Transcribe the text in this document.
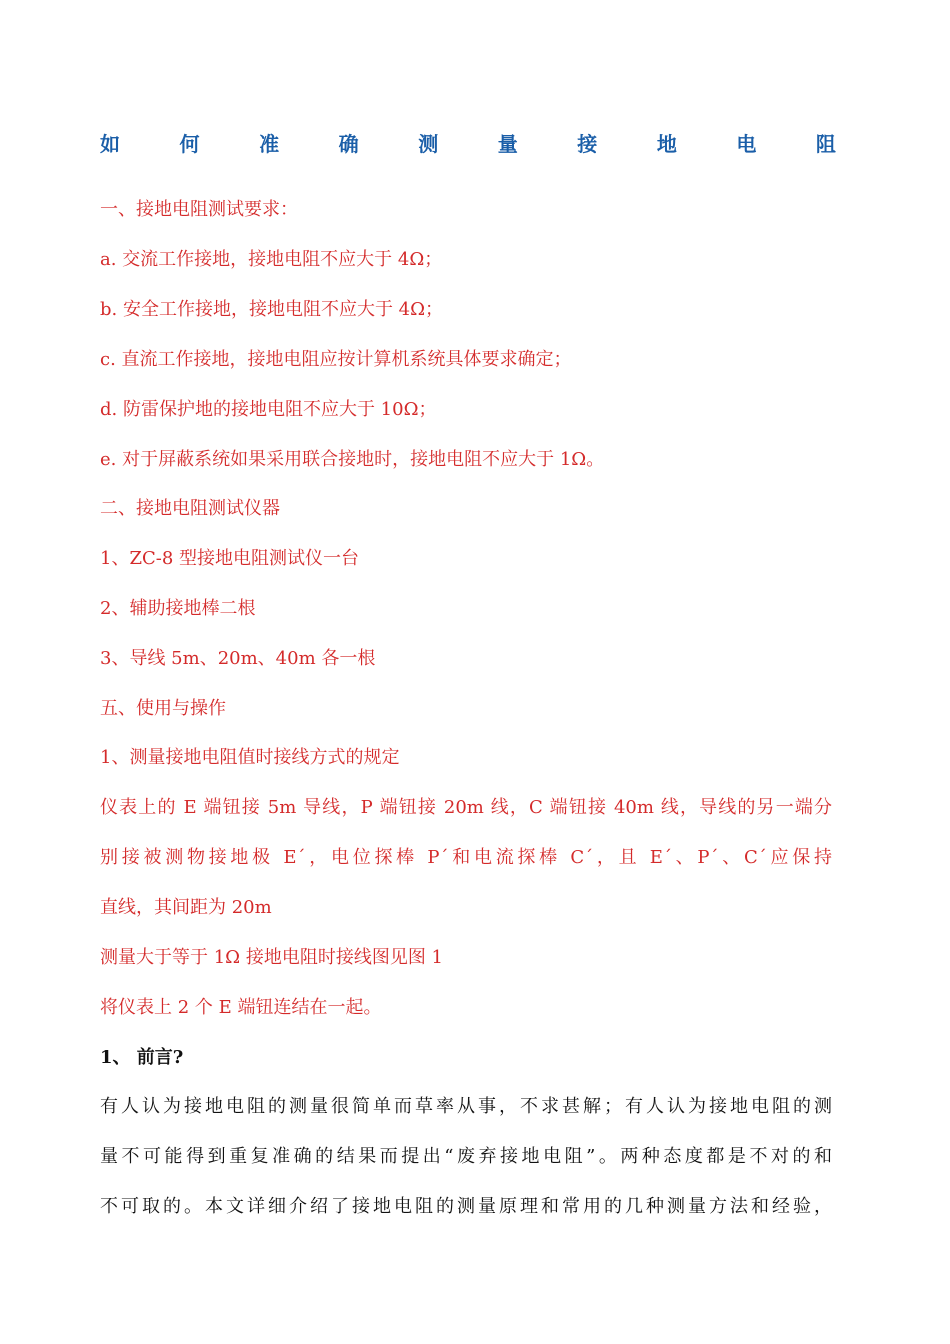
如	何	准	确	测	量	接	地	电	阻
一、接地电阻测试要求：
a. 交流工作接地，接地电阻不应大于 4Ω；
b. 安全工作接地，接地电阻不应大于 4Ω；
c. 直流工作接地，接地电阻应按计算机系统具体要求确定；
d. 防雷保护地的接地电阻不应大于 10Ω；
e. 对于屏蔽系统如果采用联合接地时，接地电阻不应大于 1Ω。
二、接地电阻测试仪器
1、ZC-8 型接地电阻测试仪一台
2、辅助接地棒二根
3、导线 5m、20m、40m 各一根
五、使用与操作
1、测量接地电阻值时接线方式的规定
仪表上的 E 端钮接 5m 导线，P 端钮接 20m 线，C 端钮接 40m 线，导线的另一端分
别接被测物接地极 E´，电位探棒 P´和电流探棒 C´，且 E´、P´、C´应保持
直线，其间距为 20m
测量大于等于 1Ω 接地电阻时接线图见图 1
将仪表上 2 个 E 端钮连结在一起。
1、 前言?
有人认为接地电阻的测量很简单而草率从事，不求甚解；有人认为接地电阻的测
量不可能得到重复准确的结果而提出“废弃接地电阻”。两种态度都是不对的和
不可取的。本文详细介绍了接地电阻的测量原理和常用的几种测量方法和经验，
